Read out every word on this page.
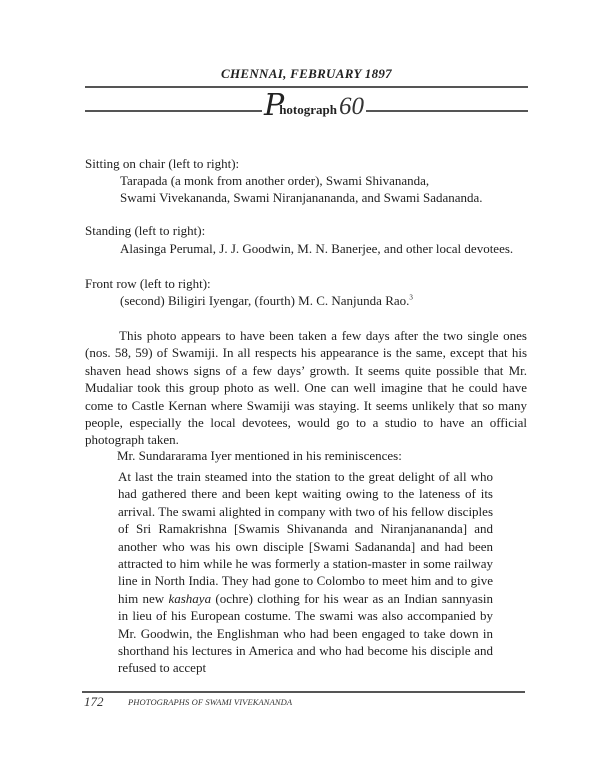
CHENNAI, FEBRUARY 1897
$P^{hotograph}60$
Sitting on chair (left to right):
Tarapada (a monk from another order), Swami Shivananda,
Swami Vivekananda, Swami Niranjanananda, and Swami Sadananda.
Standing (left to right):
Alasinga Perumal, J. J. Goodwin, M. N. Banerjee, and other local devotees.
Front row (left to right):
(second) Biligiri Iyengar, (fourth) M. C. Nanjunda Rao.$^3$
This photo appears to have been taken a few days after the two single ones (nos. 58, 59) of Swamiji. In all respects his appearance is the same, except that his shaven head shows signs of a few days’ growth. It seems quite possible that Mr. Mudaliar took this group photo as well. One can well imagine that he could have come to Castle Kernan where Swamiji was staying. It seems unlikely that so many people, especially the local devotees, would go to a studio to have an official photograph taken.
Mr. Sundararama Iyer mentioned in his reminiscences:
At last the train steamed into the station to the great delight of all who had gathered there and been kept waiting owing to the lateness of its arrival. The swami alighted in company with two of his fellow disciples of Sri Ramakrishna [Swamis Shivananda and Niranjanananda] and another who was his own disciple [Swami Sadananda] and had been attracted to him while he was formerly a station-master in some railway line in North India. They had gone to Colombo to meet him and to give him new kashaya (ochre) clothing for his wear as an Indian sannyasin in lieu of his European costume. The swami was also accompanied by Mr. Goodwin, the Englishman who had been engaged to take down in shorthand his lectures in America and who had become his disciple and refused to accept
172	PHOTOGRAPHS OF SWAMI VIVEKANANDA
